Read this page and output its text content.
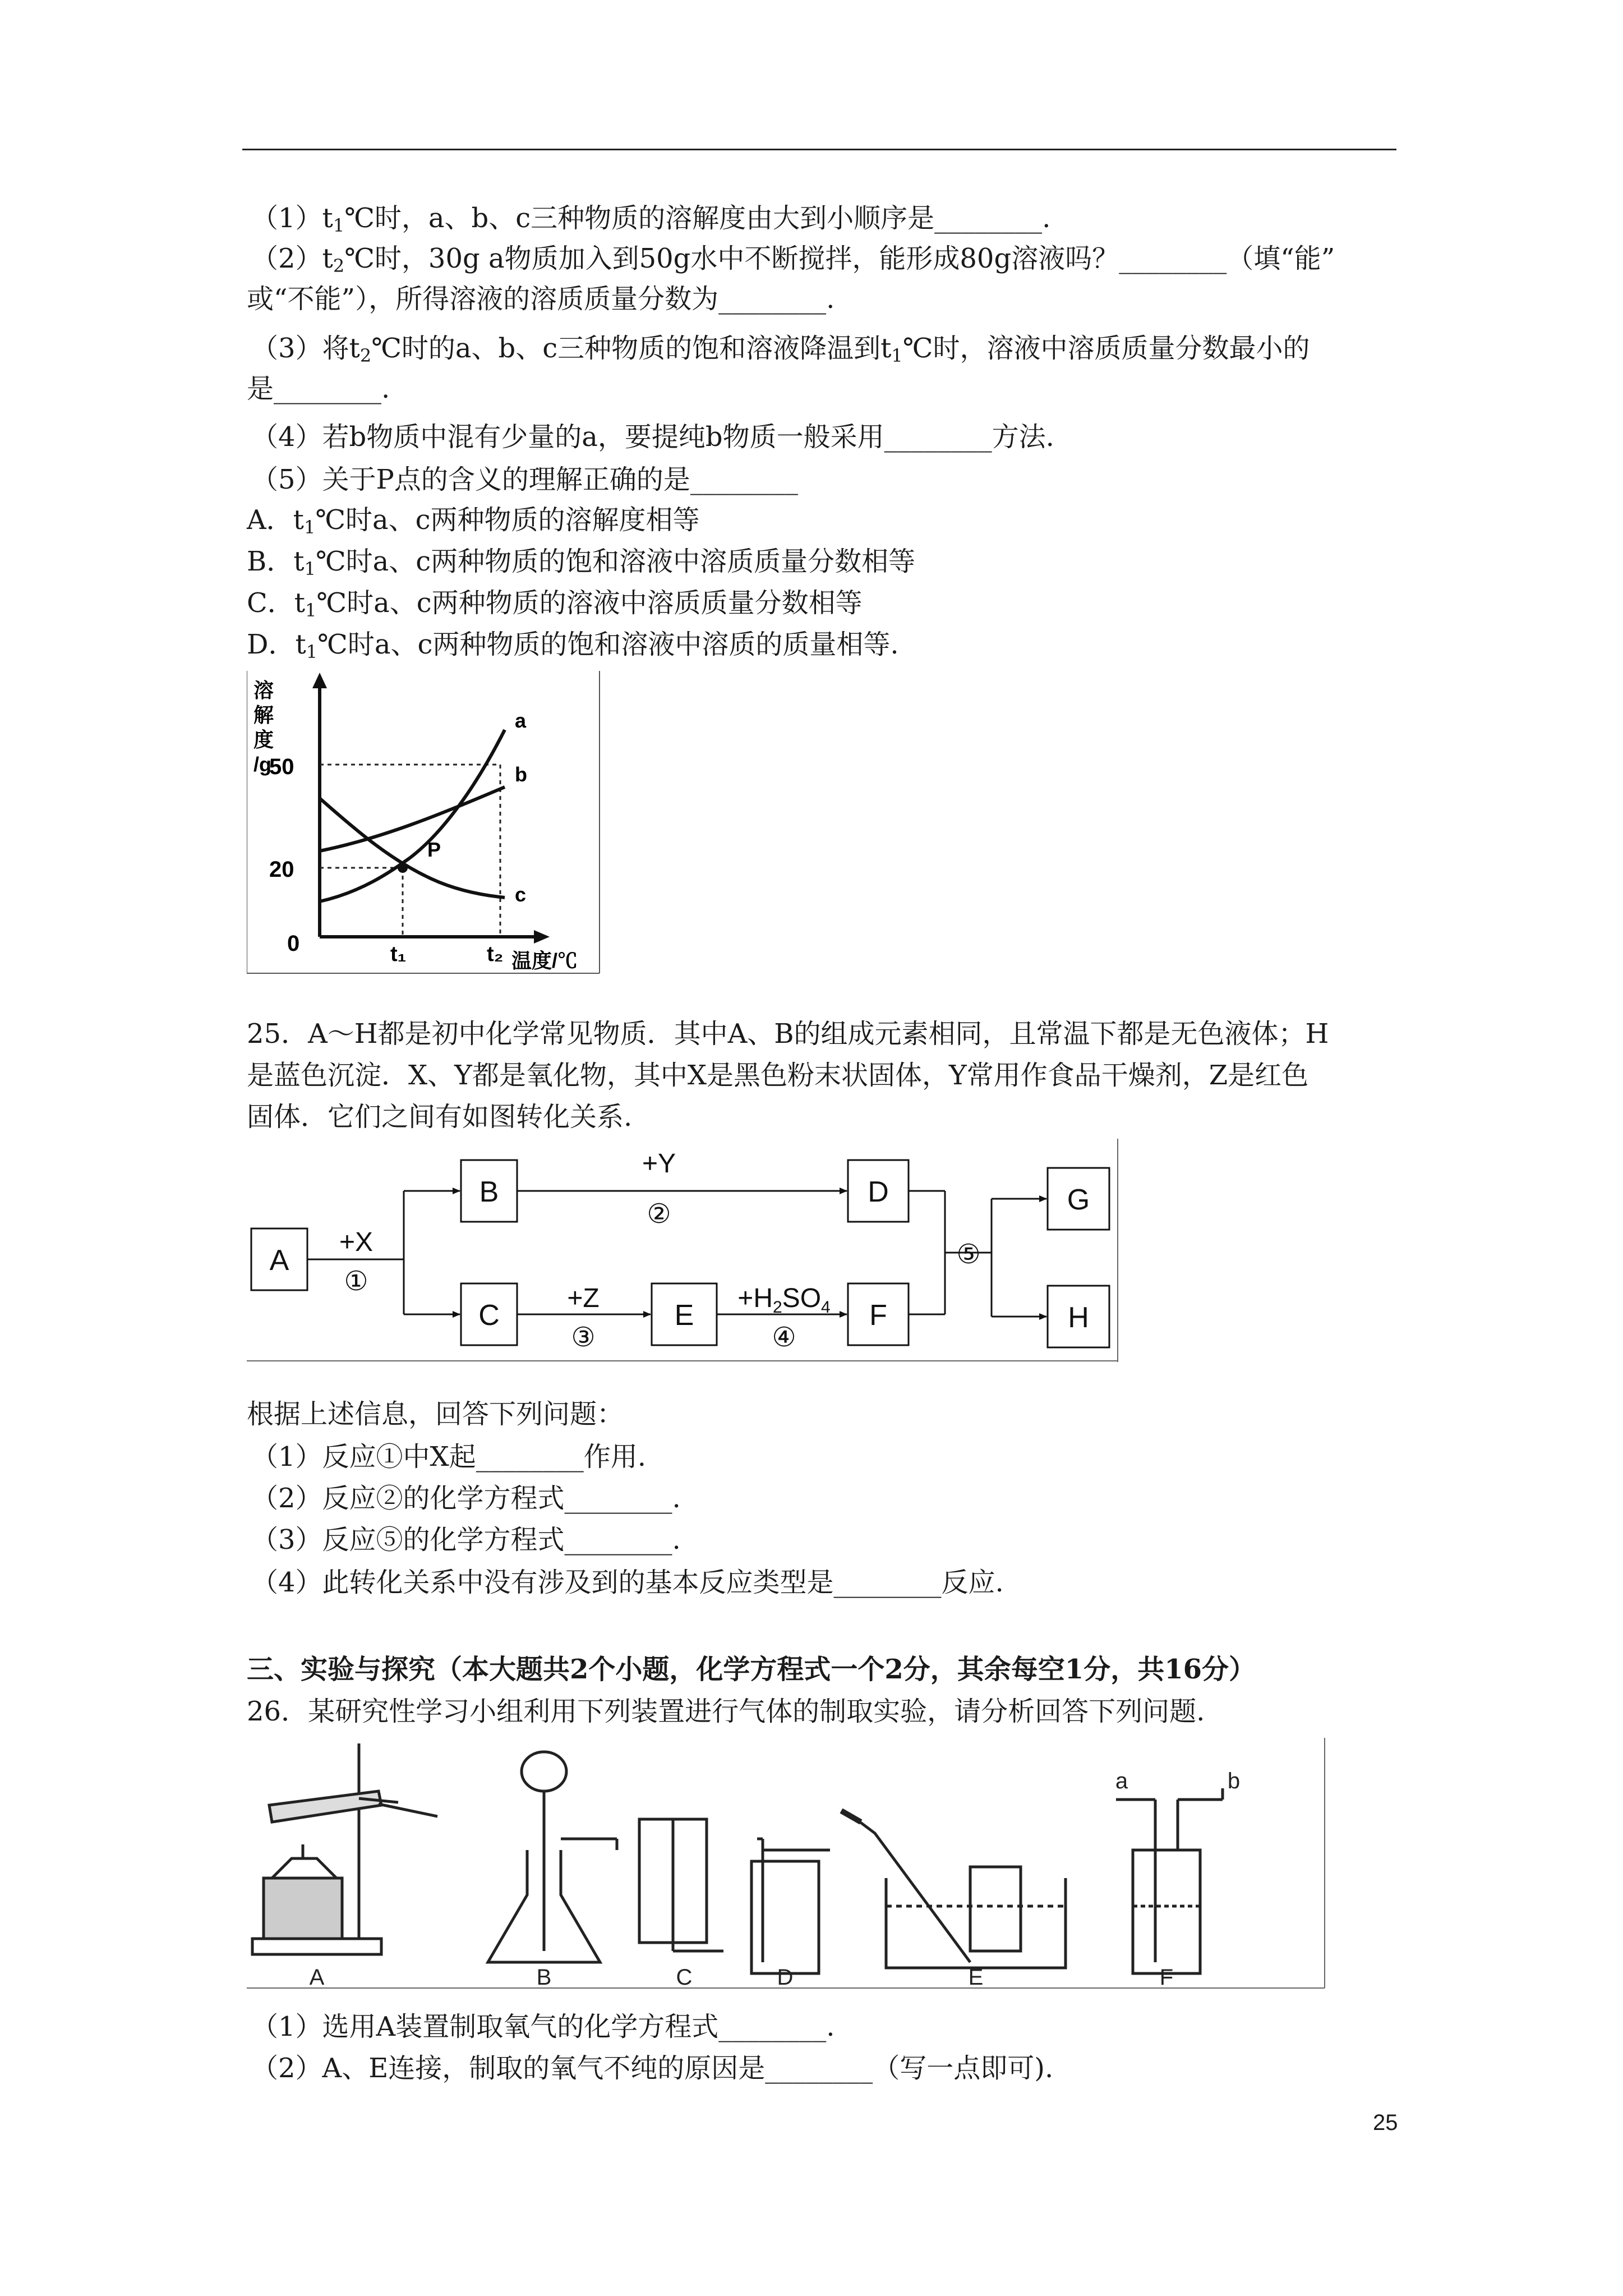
$(1)t_1℃$时，a、b、c三种物质的溶解度由大到小顺序是________.
$(2)t_2℃$时，30g a物质加入到50g水中不断搅拌，能形成80g溶液吗？________（填“能”
或“不能”），所得溶液的溶质质量分数为________.
（3）将$t_2℃$时的a、b、c三种物质的饱和溶液降温到$t_1℃$时，溶液中溶质质量分数最小的
是________.
（4）若b物质中混有少量的a，要提纯b物质一般采用________方法.
（5）关于P点的含义的理解正确的是________
A．$t_1℃$时a、c两种物质的溶解度相等
B．$t_1℃$时a、c两种物质的饱和溶液中溶质质量分数相等
C．$t_1℃$时a、c两种物质的溶液中溶质质量分数相等
D．$t_1℃$时a、c两种物质的饱和溶液中溶质的质量相等.
溶
解
度
/g
50
20
0	t₁	t₂ 温度/℃
a
b
c
P
25．A～H都是初中化学常见物质．其中A、B的组成元素相同，且常温下都是无色液体；H
是蓝色沉淀．X、Y都是氧化物，其中X是黑色粉末状固体，Y常用作食品干燥剂，Z是红色
固体．它们之间有如图转化关系.
A
B
C
D
E	F
G
H
+X
①
+Y
②
+Z
③
$+H_2SO_4$
④
⑤
根据上述信息，回答下列问题：
（1）反应①中X起________作用.
（2）反应②的化学方程式________.
（3）反应⑤的化学方程式________.
（4）此转化关系中没有涉及到的基本反应类型是________反应.
三、实验与探究（本大题共2个小题，化学方程式一个2分，其余每空1分，共16分）
26．某研究性学习小组利用下列装置进行气体的制取实验，请分析回答下列问题.
A	B	C	D	E	F
a	b
（1）选用A装置制取氧气的化学方程式________.
（2）A、E连接，制取的氧气不纯的原因是________（写一点即可).
25
